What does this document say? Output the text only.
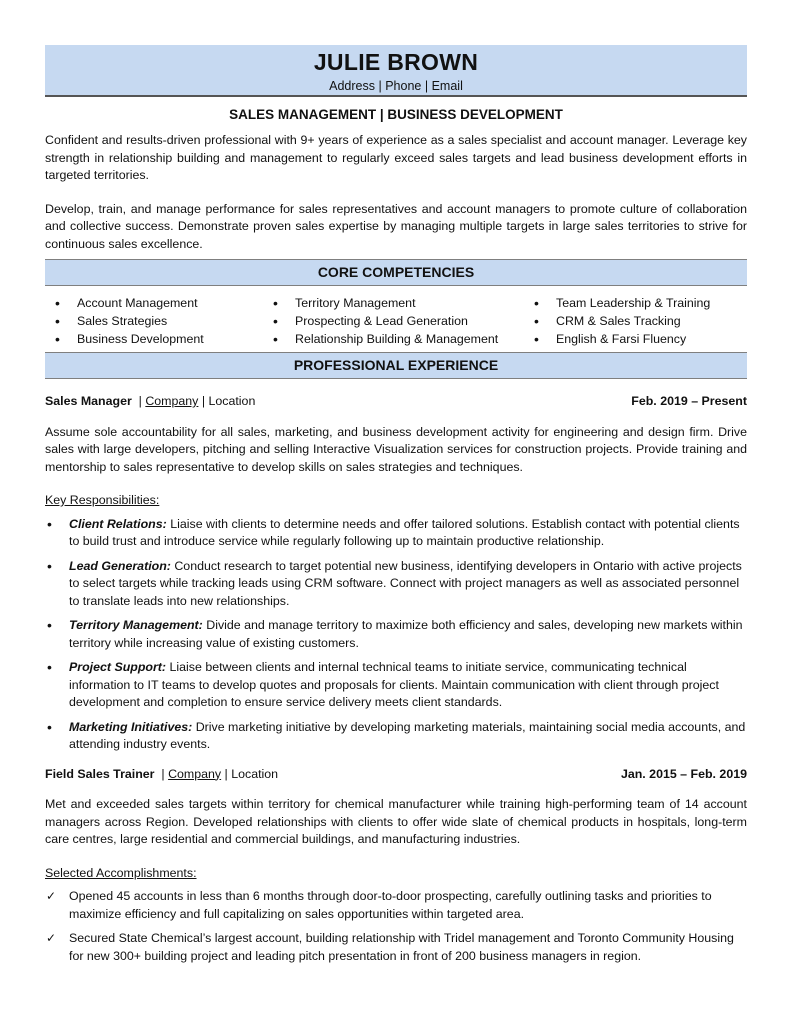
JULIE BROWN
Address | Phone | Email
SALES MANAGEMENT | BUSINESS DEVELOPMENT

Confident and results-driven professional with 9+ years of experience as a sales specialist and account manager. Leverage key strength in relationship building and management to regularly exceed sales targets and lead business development efforts in targeted territories.

Develop, train, and manage performance for sales representatives and account managers to promote culture of collaboration and collective success. Demonstrate proven sales expertise by managing multiple targets in large sales territories to strive for continuous sales excellence.

CORE COMPETENCIES
• Account Management
• Sales Strategies
• Business Development
• Territory Management
• Prospecting & Lead Generation
• Relationship Building & Management
• Team Leadership & Training
• CRM & Sales Tracking
• English & Farsi Fluency
PROFESSIONAL EXPERIENCE
Sales Manager  | Company | Location	Feb. 2019 – Present

Assume sole accountability for all sales, marketing, and business development activity for engineering and design firm. Drive sales with large developers, pitching and selling Interactive Visualization services for construction projects. Provide training and mentorship to sales representative to develop skills on sales strategies and techniques.

Key Responsibilities:
• Client Relations: Liaise with clients to determine needs and offer tailored solutions. Establish contact with potential clients to build trust and introduce service while regularly following up to maintain productive relationship.
• Lead Generation: Conduct research to target potential new business, identifying developers in Ontario with active projects to select targets while tracking leads using CRM software. Connect with project managers as well as associated personnel to translate leads into new relationships.
• Territory Management: Divide and manage territory to maximize both efficiency and sales, developing new markets within territory while increasing value of existing customers.
• Project Support: Liaise between clients and internal technical teams to initiate service, communicating technical information to IT teams to develop quotes and proposals for clients. Maintain communication with client through project development and completion to ensure service delivery meets client standards.
• Marketing Initiatives: Drive marketing initiative by developing marketing materials, maintaining social media accounts, and attending industry events.
Field Sales Trainer  | Company | Location	Jan. 2015 – Feb. 2019

Met and exceeded sales targets within territory for chemical manufacturer while training high-performing team of 14 account managers across Region. Developed relationships with clients to offer wide slate of chemical products in hospitals, long-term care centres, large residential and commercial buildings, and manufacturing industries.

Selected Accomplishments:
✓ Opened 45 accounts in less than 6 months through door-to-door prospecting, carefully outlining tasks and priorities to maximize efficiency and full capitalizing on sales opportunities within targeted area.
✓ Secured State Chemical’s largest account, building relationship with Tridel management and Toronto Community Housing for new 300+ building project and leading pitch presentation in front of 200 business managers in region.
